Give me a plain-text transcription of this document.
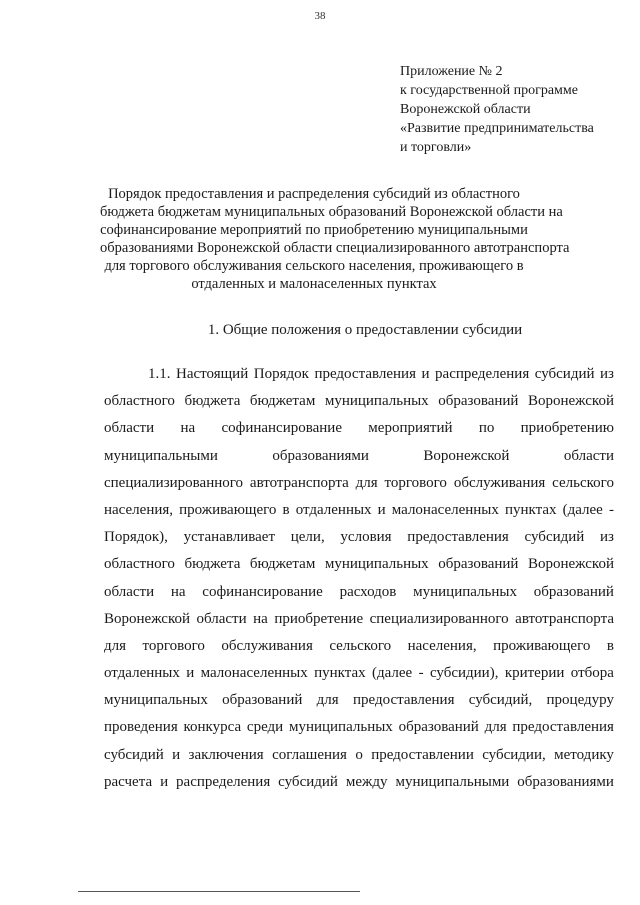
38
Приложение № 2
к государственной программе
Воронежской области
«Развитие предпринимательства
и торговли»
Порядок предоставления и распределения субсидий из областного
бюджета бюджетам муниципальных образований Воронежской области на
софинансирование мероприятий по приобретению муниципальными
образованиями Воронежской области специализированного автотранспорта
для торгового обслуживания сельского населения, проживающего в
отдаленных и малонаселенных пунктах
1. Общие положения о предоставлении субсидии
1.1. Настоящий Порядок предоставления и распределения субсидий из
областного бюджета бюджетам муниципальных образований Воронежской
области на софинансирование мероприятий по приобретению
муниципальными	образованиями	Воронежской	области
специализированного автотранспорта для торгового обслуживания сельского
населения, проживающего в отдаленных и малонаселенных пунктах (далее -
Порядок), устанавливает цели, условия предоставления субсидий из
областного бюджета бюджетам муниципальных образований Воронежской
области на софинансирование расходов муниципальных образований
Воронежской области на приобретение специализированного автотранспорта
для торгового обслуживания сельского населения, проживающего в
отдаленных и малонаселенных пунктах (далее - субсидии), критерии отбора
муниципальных образований для предоставления субсидий, процедуру
проведения конкурса среди муниципальных образований для предоставления
субсидий и заключения соглашения о предоставлении субсидии, методику
расчета и распределения субсидий между муниципальными образованиями
